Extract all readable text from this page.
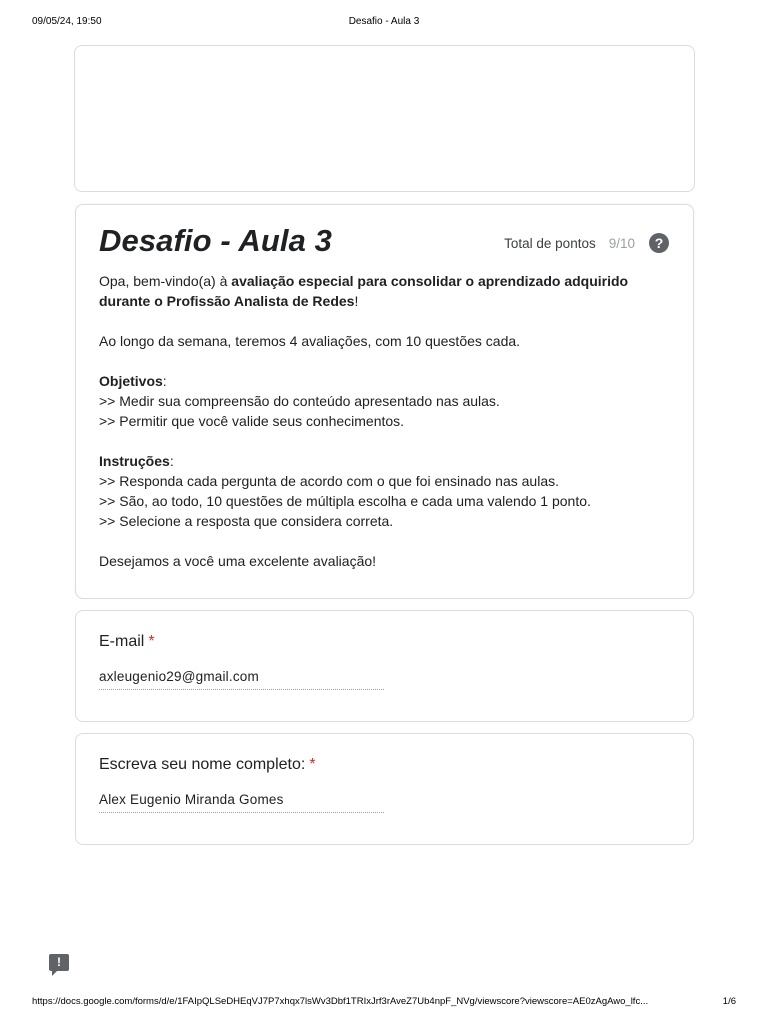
09/05/24, 19:50	Desafio - Aula 3
Desafio - Aula 3	Total de pontos 9/10	?

Opa, bem-vindo(a) à avaliação especial para consolidar o aprendizado adquirido durante o Profissão Analista de Redes!

Ao longo da semana, teremos 4 avaliações, com 10 questões cada.

Objetivos:

>> Medir sua compreensão do conteúdo apresentado nas aulas.

>> Permitir que você valide seus conhecimentos.

Instruções:

>> Responda cada pergunta de acordo com o que foi ensinado nas aulas.

>> São, ao todo, 10 questões de múltipla escolha e cada uma valendo 1 ponto.

>> Selecione a resposta que considera correta.

Desejamos a você uma excelente avaliação!

E-mail *
axleugenio29@gmail.com
Escreva seu nome completo: *
Alex Eugenio Miranda Gomes
!
https://docs.google.com/forms/d/e/1FAIpQLSeDHEqVJ7P7xhqx7lsWv3Dbf1TRIxJrf3rAveZ7Ub4npF_NVg/viewscore?viewscore=AE0zAgAwo_lfc...	1/6
